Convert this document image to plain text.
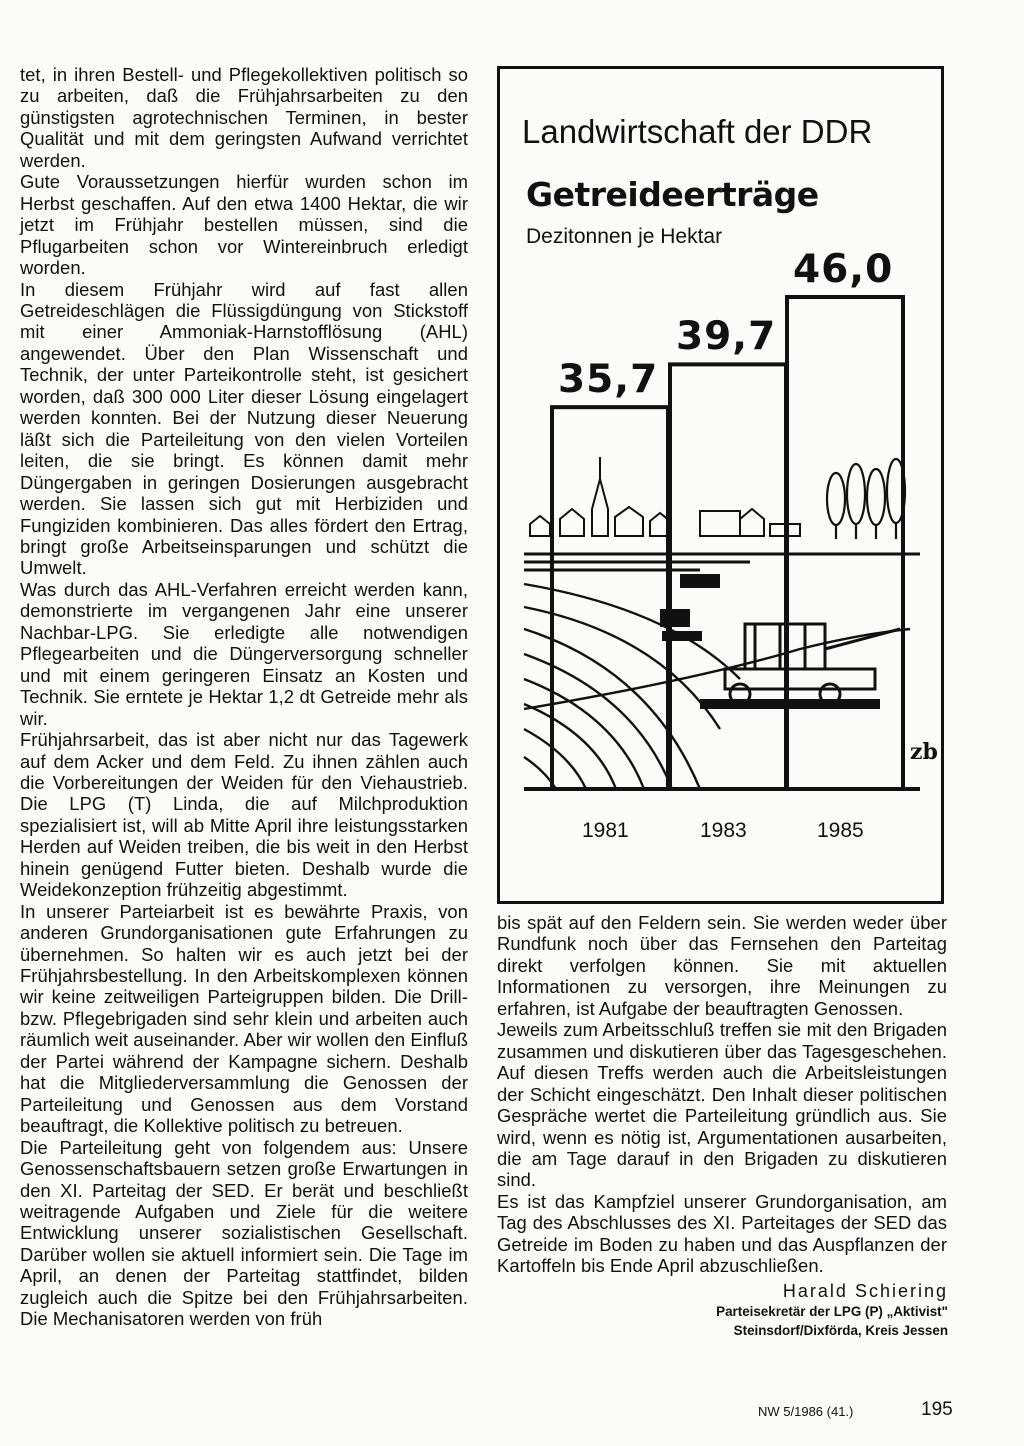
tet, in ihren Bestell- und Pflegekollektiven politisch so zu arbeiten, daß die Frühjahrsarbeiten zu den günstigsten agrotechnischen Terminen, in bester Qualität und mit dem geringsten Aufwand verrichtet werden.

Gute Voraussetzungen hierfür wurden schon im Herbst geschaffen. Auf den etwa 1400 Hektar, die wir jetzt im Frühjahr bestellen müssen, sind die Pflugarbeiten schon vor Wintereinbruch erledigt worden.

In diesem Frühjahr wird auf fast allen Getreideschlägen die Flüssigdüngung von Stickstoff mit einer Ammoniak-Harnstofflösung (AHL) angewendet. Über den Plan Wissenschaft und Technik, der unter Parteikontrolle steht, ist gesichert worden, daß 300 000 Liter dieser Lösung eingelagert werden konnten. Bei der Nutzung dieser Neuerung läßt sich die Parteileitung von den vielen Vorteilen leiten, die sie bringt. Es können damit mehr Düngergaben in geringen Dosierungen ausgebracht werden. Sie lassen sich gut mit Herbiziden und Fungiziden kombinieren. Das alles fördert den Ertrag, bringt große Arbeitseinsparungen und schützt die Umwelt.

Was durch das AHL-Verfahren erreicht werden kann, demonstrierte im vergangenen Jahr eine unserer Nachbar-LPG. Sie erledigte alle notwendigen Pflegearbeiten und die Düngerversorgung schneller und mit einem geringeren Einsatz an Kosten und Technik. Sie erntete je Hektar 1,2 dt Getreide mehr als wir.

Frühjahrsarbeit, das ist aber nicht nur das Tagewerk auf dem Acker und dem Feld. Zu ihnen zählen auch die Vorbereitungen der Weiden für den Viehaustrieb. Die LPG (T) Linda, die auf Milchproduktion spezialisiert ist, will ab Mitte April ihre leistungsstarken Herden auf Weiden treiben, die bis weit in den Herbst hinein genügend Futter bieten. Deshalb wurde die Weidekonzeption frühzeitig abgestimmt.

In unserer Parteiarbeit ist es bewährte Praxis, von anderen Grundorganisationen gute Erfahrungen zu übernehmen. So halten wir es auch jetzt bei der Frühjahrsbestellung. In den Arbeitskomplexen können wir keine zeitweiligen Parteigruppen bilden. Die Drill- bzw. Pflegebrigaden sind sehr klein und arbeiten auch räumlich weit auseinander. Aber wir wollen den Einfluß der Partei während der Kampagne sichern. Deshalb hat die Mitgliederversammlung die Genossen der Parteileitung und Genossen aus dem Vorstand beauftragt, die Kollektive politisch zu betreuen.

Die Parteileitung geht von folgendem aus: Unsere Genossenschaftsbauern setzen große Erwartungen in den XI. Parteitag der SED. Er berät und beschließt weitragende Aufgaben und Ziele für die weitere Entwicklung unserer sozialistischen Gesellschaft. Darüber wollen sie aktuell informiert sein. Die Tage im April, an denen der Parteitag stattfindet, bilden zugleich auch die Spitze bei den Frühjahrsarbeiten. Die Mechanisatoren werden von früh

Landwirtschaft der DDR
Getreideerträge
Dezitonnen je Hektar
35,7
1981
39,7
1983
46,0
1985
zb

bis spät auf den Feldern sein. Sie werden weder über Rundfunk noch über das Fernsehen den Parteitag direkt verfolgen können. Sie mit aktuellen Informationen zu versorgen, ihre Meinungen zu erfahren, ist Aufgabe der beauftragten Genossen.

Jeweils zum Arbeitsschluß treffen sie mit den Brigaden zusammen und diskutieren über das Tagesgeschehen. Auf diesen Treffs werden auch die Arbeitsleistungen der Schicht eingeschätzt. Den Inhalt dieser politischen Gespräche wertet die Parteileitung gründlich aus. Sie wird, wenn es nötig ist, Argumentationen ausarbeiten, die am Tage darauf in den Brigaden zu diskutieren sind.

Es ist das Kampfziel unserer Grundorganisation, am Tag des Abschlusses des XI. Parteitages der SED das Getreide im Boden zu haben und das Auspflanzen der Kartoffeln bis Ende April abzuschließen.

Harald Schiering
Parteisekretär der LPG (P) „Aktivist"
Steinsdorf/Dixförda, Kreis Jessen
NW 5/1986 (41.)	195
